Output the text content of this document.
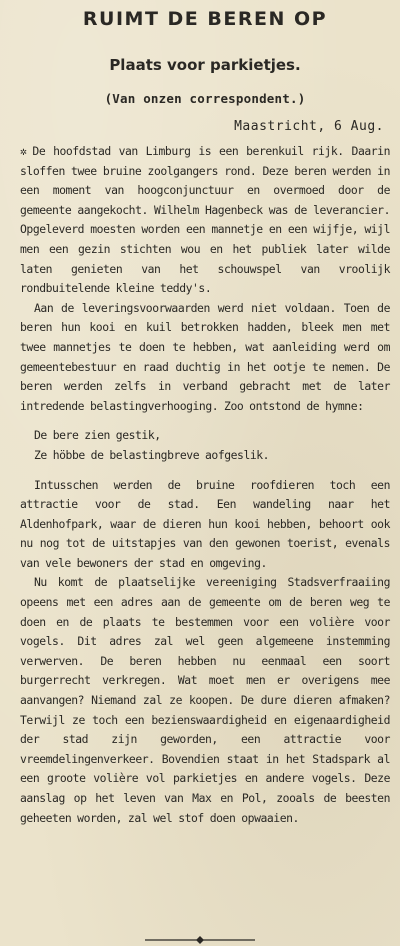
RUIMT DE BEREN OP
Plaats voor parkietjes.

(Van onzen correspondent.)

Maastricht, 6 Aug.

✲ De hoofdstad van Limburg is een berenkuil rijk. Daarin sloffen twee bruine zoolgangers rond. Deze beren werden in een moment van hoogconjunctuur en overmoed door de gemeente aangekocht. Wilhelm Hagenbeck was de leverancier. Opgeleverd moesten worden een mannetje en een wijfje, wijl men een gezin stichten wou en het publiek later wilde laten genieten van het schouwspel van vroolijk rondbuitelende kleine teddy's.

Aan de leveringsvoorwaarden werd niet voldaan. Toen de beren hun kooi en kuil betrokken hadden, bleek men met twee mannetjes te doen te hebben, wat aanleiding werd om gemeentebestuur en raad duchtig in het ootje te nemen. De beren werden zelfs in verband gebracht met de later intredende belastingverhooging. Zoo ontstond de hymne:

De bere zien gestik,
Ze höbbe de belastingbreve aofgeslik.

Intusschen werden de bruine roofdieren toch een attractie voor de stad. Een wandeling naar het Aldenhofpark, waar de dieren hun kooi hebben, behoort ook nu nog tot de uitstapjes van den gewonen toerist, evenals van vele bewoners der stad en omgeving.

Nu komt de plaatselijke vereeniging Stadsverfraaiing opeens met een adres aan de gemeente om de beren weg te doen en de plaats te bestemmen voor een volière voor vogels. Dit adres zal wel geen algemeene instemming verwerven. De beren hebben nu eenmaal een soort burgerrecht verkregen. Wat moet men er overigens mee aanvangen? Niemand zal ze koopen. De dure dieren afmaken? Terwijl ze toch een bezienswaardigheid en eigenaardigheid der stad zijn geworden, een attractie voor vreemdelingenverkeer. Bovendien staat in het Stadspark al een groote volière vol parkietjes en andere vogels. Deze aanslag op het leven van Max en Pol, zooals de beesten geheeten worden, zal wel stof doen opwaaien.
